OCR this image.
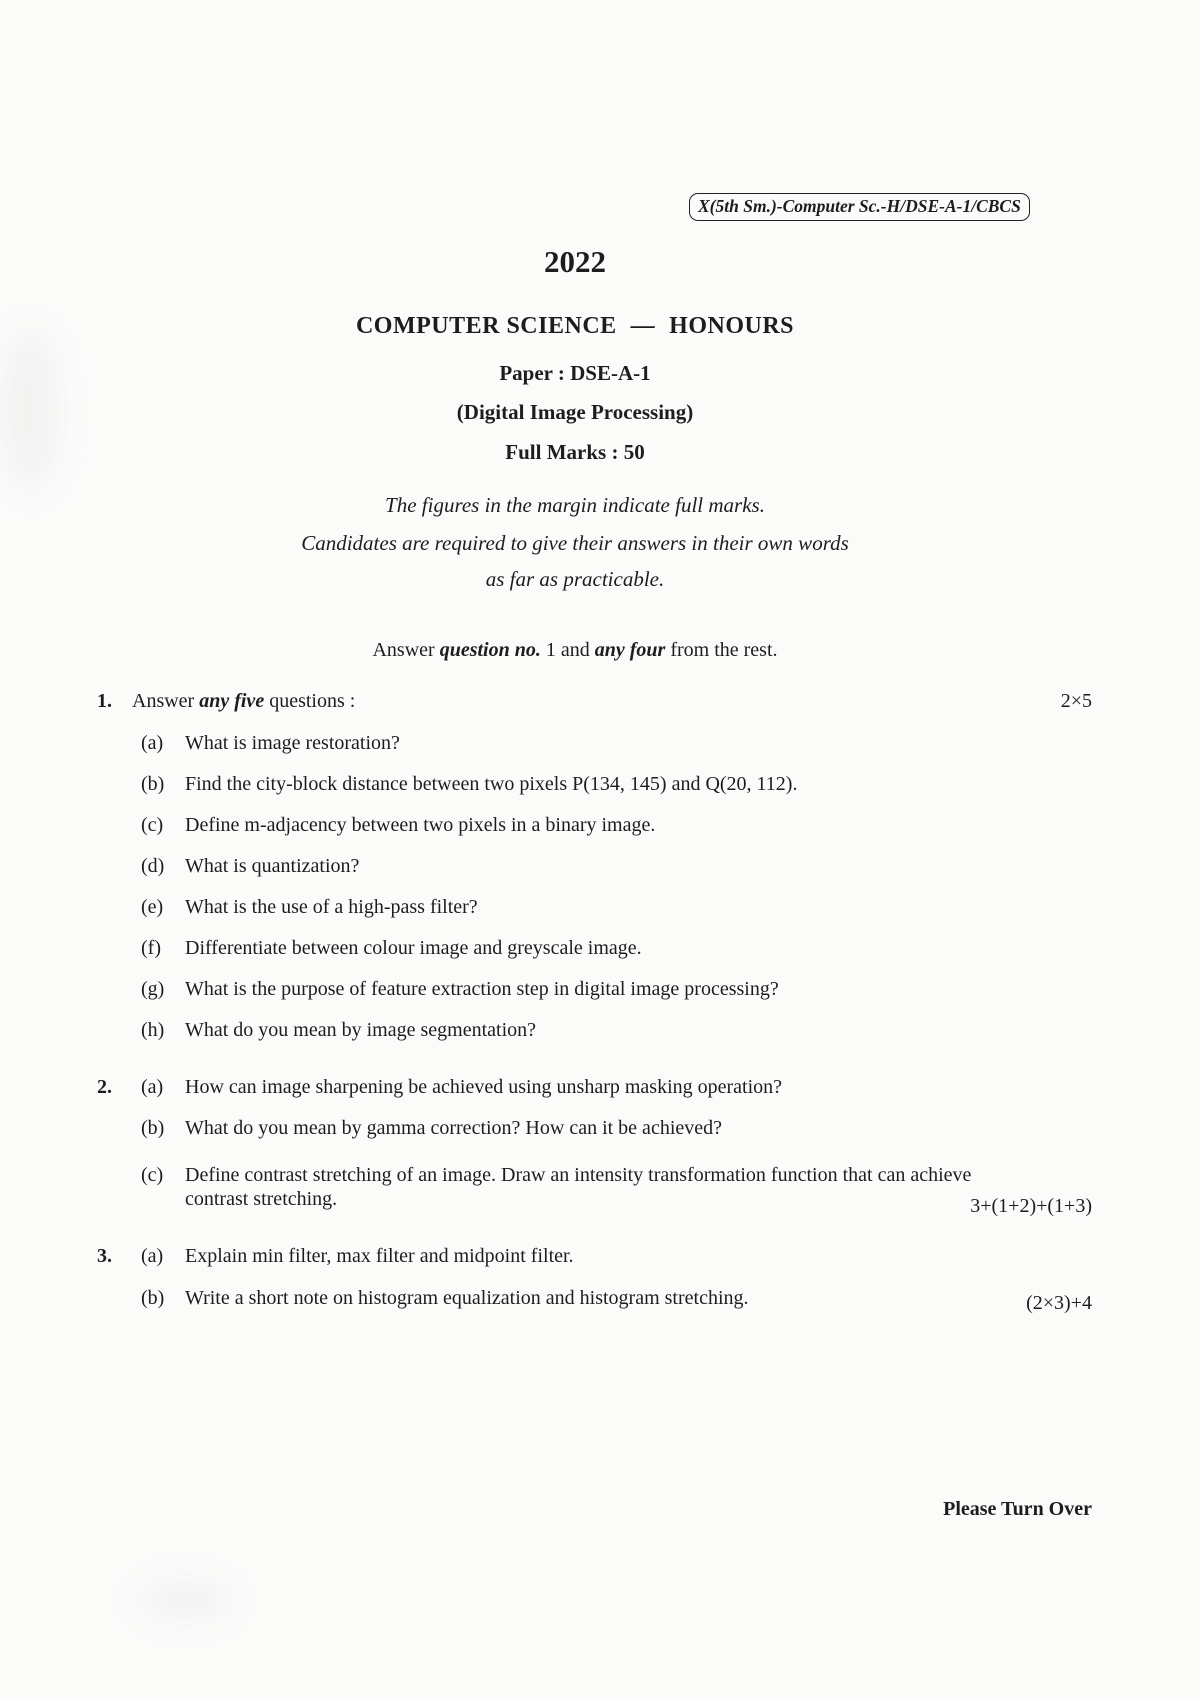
X(5th Sm.)-Computer Sc.-H/DSE-A-1/CBCS
2022
COMPUTER SCIENCE — HONOURS
Paper : DSE-A-1
(Digital Image Processing)
Full Marks : 50
The figures in the margin indicate full marks.
Candidates are required to give their answers in their own words
as far as practicable.
Answer question no. 1 and any four from the rest.
1. Answer any five questions :	2×5
(a) What is image restoration?
(b) Find the city-block distance between two pixels P(134, 145) and Q(20, 112).
(c) Define m-adjacency between two pixels in a binary image.
(d) What is quantization?
(e) What is the use of a high-pass filter?
(f) Differentiate between colour image and greyscale image.
(g) What is the purpose of feature extraction step in digital image processing?
(h) What do you mean by image segmentation?
2. (a) How can image sharpening be achieved using unsharp masking operation?
(b) What do you mean by gamma correction? How can it be achieved?
(c) Define contrast stretching of an image. Draw an intensity transformation function that can achieve
contrast stretching.	3+(1+2)+(1+3)
3. (a) Explain min filter, max filter and midpoint filter.
(b) Write a short note on histogram equalization and histogram stretching.	(2×3)+4
Please Turn Over
